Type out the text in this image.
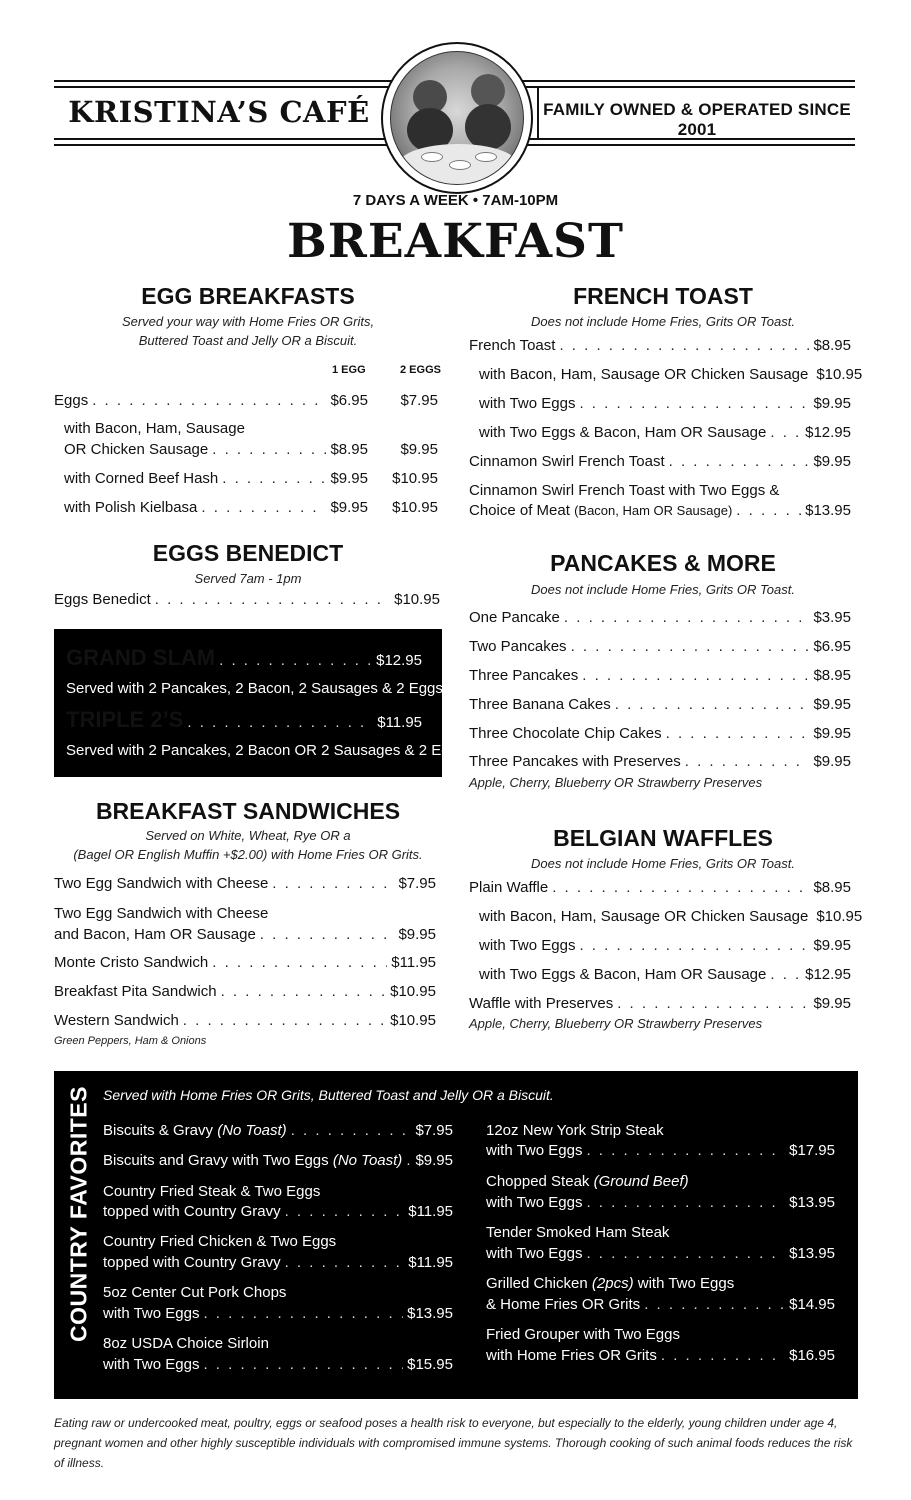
KRISTINA’S CAFÉ	FAMILY OWNED & OPERATED SINCE 2001
7 DAYS A WEEK • 7AM-10PM
BREAKFAST
EGG BREAKFASTS
Served your way with Home Fries OR Grits,
Buttered Toast and Jelly OR a Biscuit.
1 EGG	2 EGGS
Eggs . . .	$6.95	$7.95
with Bacon, Ham, Sausage
OR Chicken Sausage . . .	$8.95	$9.95
with Corned Beef Hash . . .	$9.95	$10.95
with Polish Kielbasa . . .	$9.95	$10.95
EGGS BENEDICT
Served 7am - 1pm
Eggs Benedict . . .	$10.95
GRAND SLAM . . .	$12.95
Served with 2 Pancakes, 2 Bacon, 2 Sausages & 2 Eggs
TRIPLE 2’S . . .	$11.95
Served with 2 Pancakes, 2 Bacon OR 2 Sausages & 2 Eggs
BREAKFAST SANDWICHES
Served on White, Wheat, Rye OR a
(Bagel OR English Muffin +$2.00) with Home Fries OR Grits.
Two Egg Sandwich with Cheese . . .	$7.95
Two Egg Sandwich with Cheese
and Bacon, Ham OR Sausage . . .	$9.95
Monte Cristo Sandwich . . .	$11.95
Breakfast Pita Sandwich . . .	$10.95
Western Sandwich . . .	$10.95
Green Peppers, Ham & Onions
FRENCH TOAST
Does not include Home Fries, Grits OR Toast.
French Toast . . .	$8.95
with Bacon, Ham, Sausage OR Chicken Sausage $10.95
with Two Eggs . . .	$9.95
with Two Eggs & Bacon, Ham OR Sausage . . .	$12.95
Cinnamon Swirl French Toast . . .	$9.95
Cinnamon Swirl French Toast with Two Eggs &
Choice of Meat (Bacon, Ham OR Sausage) . . .	$13.95
PANCAKES & MORE
Does not include Home Fries, Grits OR Toast.
One Pancake . . .	$3.95
Two Pancakes . . .	$6.95
Three Pancakes . . .	$8.95
Three Banana Cakes . . .	$9.95
Three Chocolate Chip Cakes . . .	$9.95
Three Pancakes with Preserves . . .	$9.95
Apple, Cherry, Blueberry OR Strawberry Preserves
BELGIAN WAFFLES
Does not include Home Fries, Grits OR Toast.
Plain Waffle . . .	$8.95
with Bacon, Ham, Sausage OR Chicken Sausage $10.95
with Two Eggs . . .	$9.95
with Two Eggs & Bacon, Ham OR Sausage . . .	$12.95
Waffle with Preserves . . .	$9.95
Apple, Cherry, Blueberry OR Strawberry Preserves
COUNTRY FAVORITES Served with Home Fries OR Grits, Buttered Toast and Jelly OR a Biscuit.
Biscuits & Gravy (No Toast) . . .	$7.95
Biscuits and Gravy with Two Eggs (No Toast) . . . $9.95
Country Fried Steak & Two Eggs
topped with Country Gravy . . .	$11.95
Country Fried Chicken & Two Eggs
topped with Country Gravy . . .	$11.95
5oz Center Cut Pork Chops
with Two Eggs . . .	$13.95
8oz USDA Choice Sirloin
with Two Eggs . . .	$15.95
12oz New York Strip Steak
with Two Eggs . . .	$17.95
Chopped Steak (Ground Beef)
with Two Eggs . . .	$13.95
Tender Smoked Ham Steak
with Two Eggs . . .	$13.95
Grilled Chicken (2pcs) with Two Eggs
& Home Fries OR Grits . . .	$14.95
Fried Grouper with Two Eggs
with Home Fries OR Grits . . .	$16.95
Eating raw or undercooked meat, poultry, eggs or seafood poses a health risk to everyone, but especially to the elderly, young children under age 4, pregnant women and other highly susceptible individuals with compromised immune systems. Thorough cooking of such animal foods reduces the risk of illness.
